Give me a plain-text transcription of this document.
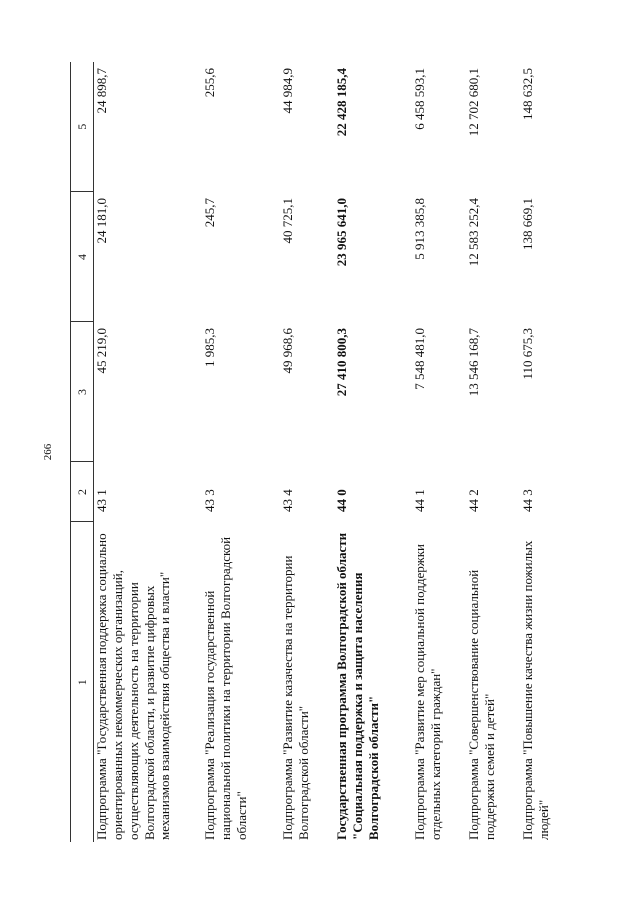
266
1	2	3	4	5
Подпрограмма "Государственная поддержка социально ориентированных некоммерческих организаций, осуществляющих деятельность на территории Волгоградской области, и развитие цифровых механизмов взаимодействия общества и власти"	43 1	45 219,0	24 181,0	24 898,7
Подпрограмма "Реализация государственной национальной политики на территории Волгоградской области"	43 3	1 985,3	245,7	255,6
Подпрограмма "Развитие казачества на территории Волгоградской области"	43 4	49 968,6	40 725,1	44 984,9
Государственная программа Волгоградской области "Социальная поддержка и защита населения Волгоградской области"	44 0	27 410 800,3	23 965 641,0	22 428 185,4
Подпрограмма "Развитие мер социальной поддержки отдельных категорий граждан"	44 1	7 548 481,0	5 913 385,8	6 458 593,1
Подпрограмма "Совершенствование социальной поддержки семей и детей"	44 2	13 546 168,7	12 583 252,4	12 702 680,1
Подпрограмма "Повышение качества жизни пожилых людей"	44 3	110 675,3	138 669,1	148 632,5
